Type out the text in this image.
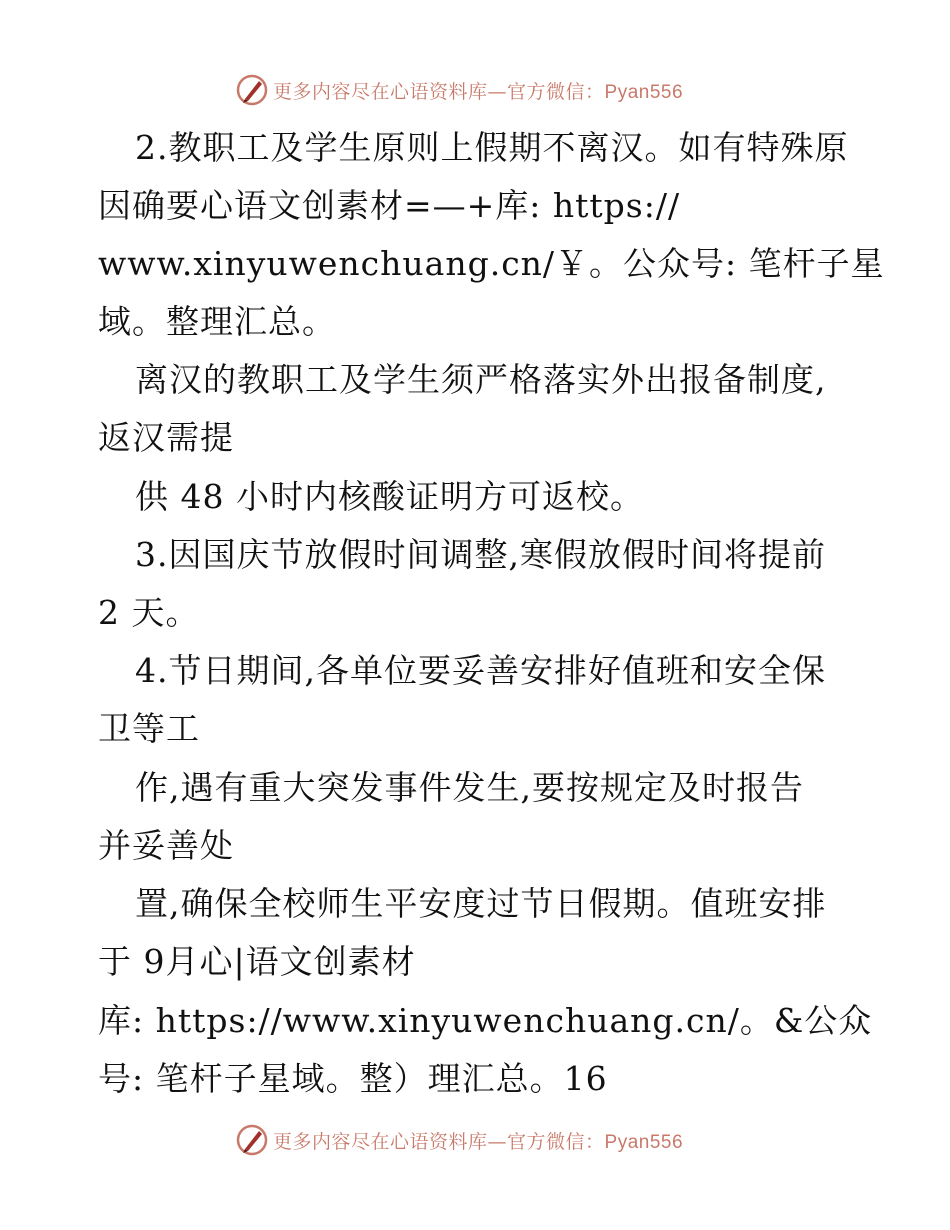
更多内容尽在心语资料库—官方微信：Pyan556
2.教职工及学生原则上假期不离汉。如有特殊原
因确要心语文创素材=—+库: https://
www.xinyuwenchuang.cn/￥。公众号: 笔杆子星
域。整理汇总。
离汉的教职工及学生须严格落实外出报备制度,
返汉需提
供 48 小时内核酸证明方可返校。
3.因国庆节放假时间调整,寒假放假时间将提前
2 天。
4.节日期间,各单位要妥善安排好值班和安全保
卫等工
作,遇有重大突发事件发生,要按规定及时报告
并妥善处
置,确保全校师生平安度过节日假期。值班安排
于 9月心|语文创素材
库: https://www.xinyuwenchuang.cn/。&公众
号: 笔杆子星域。整）理汇总。16
更多内容尽在心语资料库—官方微信：Pyan556
